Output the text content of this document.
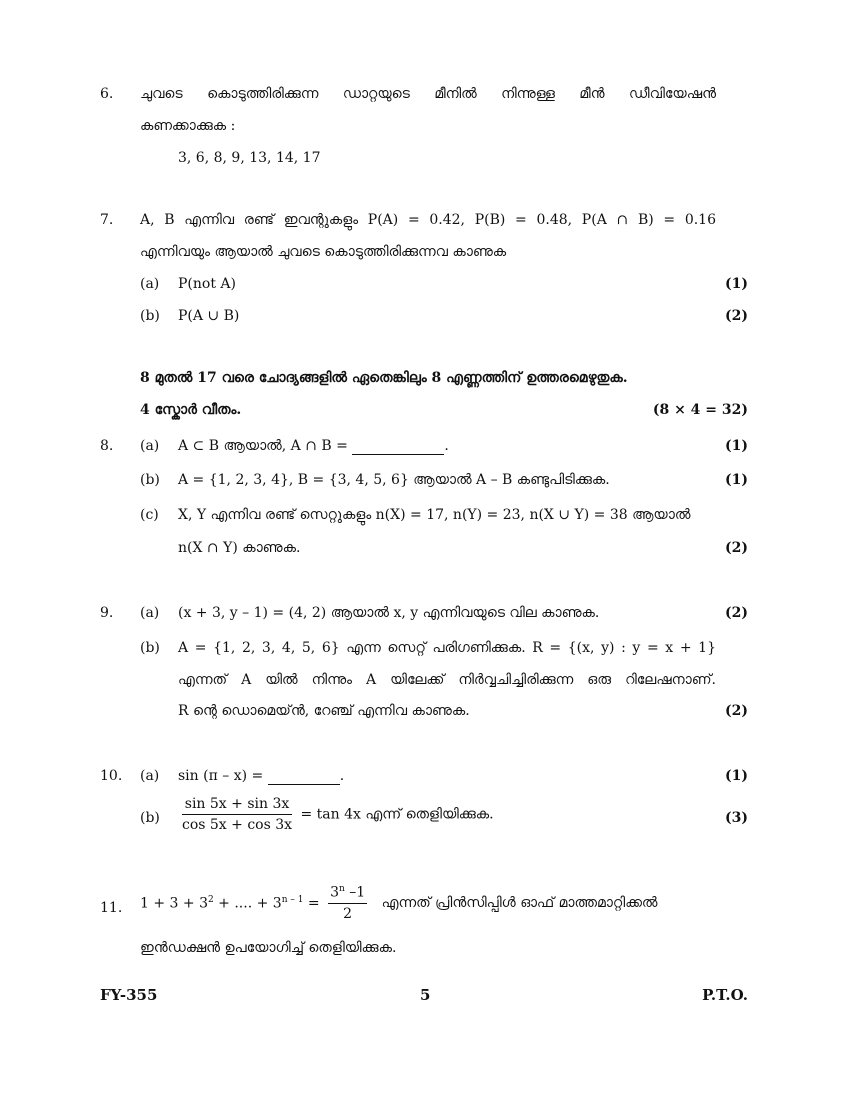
6. ചുവടെ കൊടുത്തിരിക്കുന്ന ഡാറ്റയുടെ മീനിൽ നിന്നുള്ള മീൻ ഡീവിയേഷൻ
കണക്കാക്കുക :
3, 6, 8, 9, 13, 14, 17
7. A, B എന്നിവ രണ്ട് ഇവന്റുകളും P(A) = 0.42, P(B) = 0.48, P(A ∩ B) = 0.16
എന്നിവയും ആയാൽ ചുവടെ കൊടുത്തിരിക്കുന്നവ കാണുക
(a) P(not A)	(1)
(b) P(A ∪ B)	(2)
8 മുതൽ 17 വരെ ചോദ്യങ്ങളിൽ ഏതെങ്കിലും 8 എണ്ണത്തിന് ഉത്തരമെഴുതുക.
4 സ്കോർ വീതം.	(8 × 4 = 32)
8. (a) A ⊂ B ആയാൽ, A ∩ B =	.	(1)
(b) A = {1, 2, 3, 4}, B = {3, 4, 5, 6} ആയാൽ A – B കണ്ടുപിടിക്കുക.	(1)
(c) X, Y എന്നിവ രണ്ട് സെറ്റുകളും n(X) = 17, n(Y) = 23, n(X ∪ Y) = 38 ആയാൽ
n(X ∩ Y) കാണുക.	(2)
9. (a) (x + 3, y – 1) = (4, 2) ആയാൽ x, y എന്നിവയുടെ വില കാണുക.	(2)
(b) A = {1, 2, 3, 4, 5, 6} എന്ന സെറ്റ് പരിഗണിക്കുക. R = {(x, y) : y = x + 1}
എന്നത് A യിൽ നിന്നും A യിലേക്ക് നിർവ്വചിച്ചിരിക്കുന്ന ഒരു റിലേഷനാണ്.
R ന്റെ ഡൊമെയ്ൻ, റേഞ്ച് എന്നിവ കാണുക.	(2)
10. (a) sin (π – x) =	.	(1)
$(b) \frac{\sin 5x + \sin 3x}{\cos 5x + \cos 3x} = \tan 4x$ എന്ന് തെളിയിക്കുക.	(3)
11. $1 + 3 + 3^2$ + .... + $3^{n - 1} = \frac{3^n -1}{2}$ എന്നത് പ്രിൻസിപ്പിൾ ഓഫ് മാത്തമാറ്റിക്കൽ
ഇൻഡക്ഷൻ ഉപയോഗിച്ച് തെളിയിക്കുക.
FY-355	5	P.T.O.
